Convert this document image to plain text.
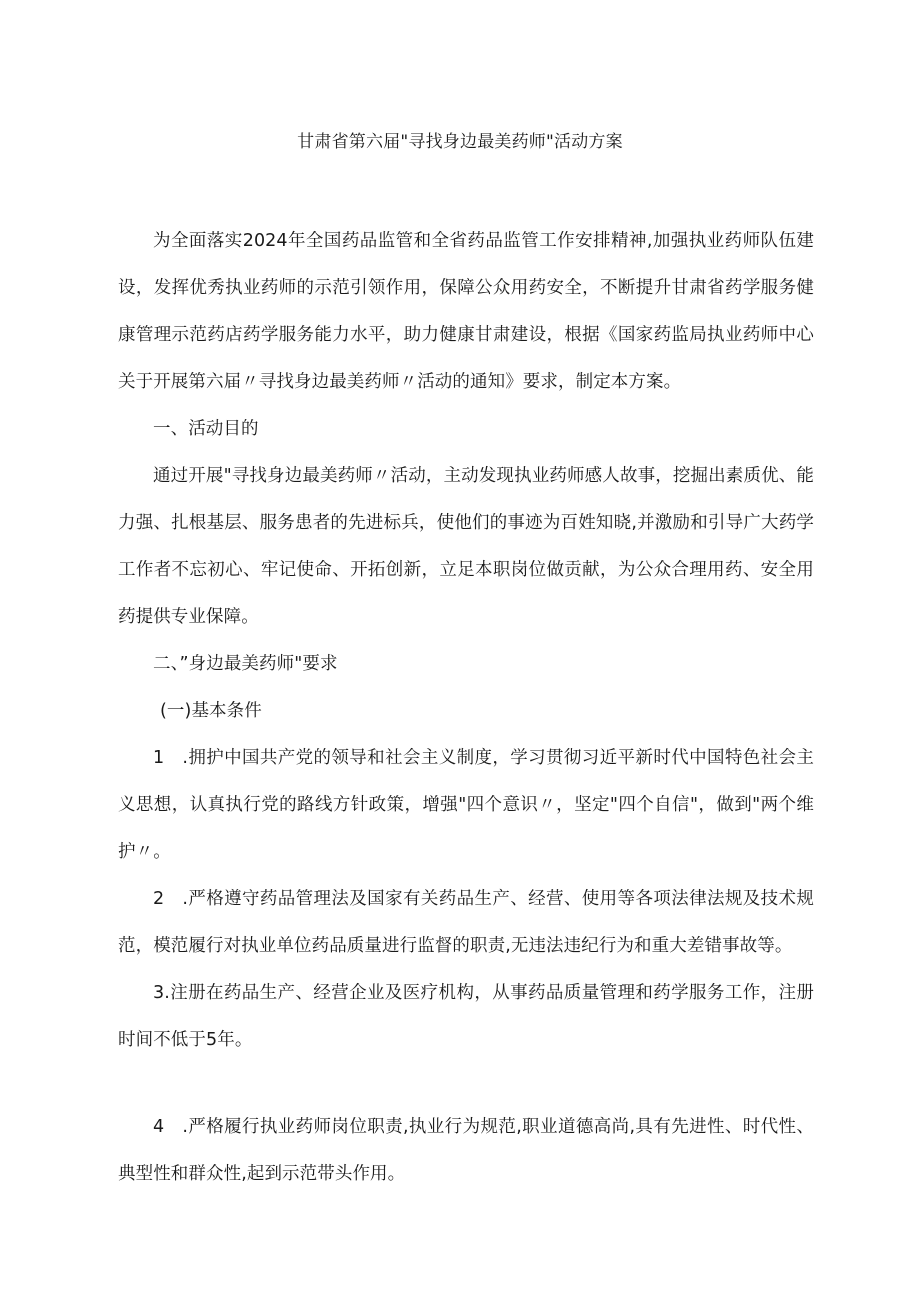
甘肃省第六届"寻找身边最美药师"活动方案

为全面落实2024年全国药品监管和全省药品监管工作安排精神,加强执业药师队伍建设，发挥优秀执业药师的示范引领作用，保障公众用药安全，不断提升甘肃省药学服务健康管理示范药店药学服务能力水平，助力健康甘肃建设，根据《国家药监局执业药师中心关于开展第六届〃寻找身边最美药师〃活动的通知》要求，制定本方案。

一、活动目的

通过开展"寻找身边最美药师〃活动，主动发现执业药师感人故事，挖掘出素质优、能力强、扎根基层、服务患者的先进标兵，使他们的事迹为百姓知晓,并激励和引导广大药学工作者不忘初心、牢记使命、开拓创新，立足本职岗位做贡献，为公众合理用药、安全用药提供专业保障。

二、”身边最美药师"要求

(一)基本条件

1　.拥护中国共产党的领导和社会主义制度，学习贯彻习近平新时代中国特色社会主义思想，认真执行党的路线方针政策，增强"四个意识〃，坚定"四个自信"，做到"两个维护〃。

2　.严格遵守药品管理法及国家有关药品生产、经营、使用等各项法律法规及技术规范，模范履行对执业单位药品质量进行监督的职责,无违法违纪行为和重大差错事故等。

3.注册在药品生产、经营企业及医疗机构，从事药品质量管理和药学服务工作，注册时间不低于5年。

4　.严格履行执业药师岗位职责,执业行为规范,职业道德高尚,具有先进性、时代性、典型性和群众性,起到示范带头作用。
